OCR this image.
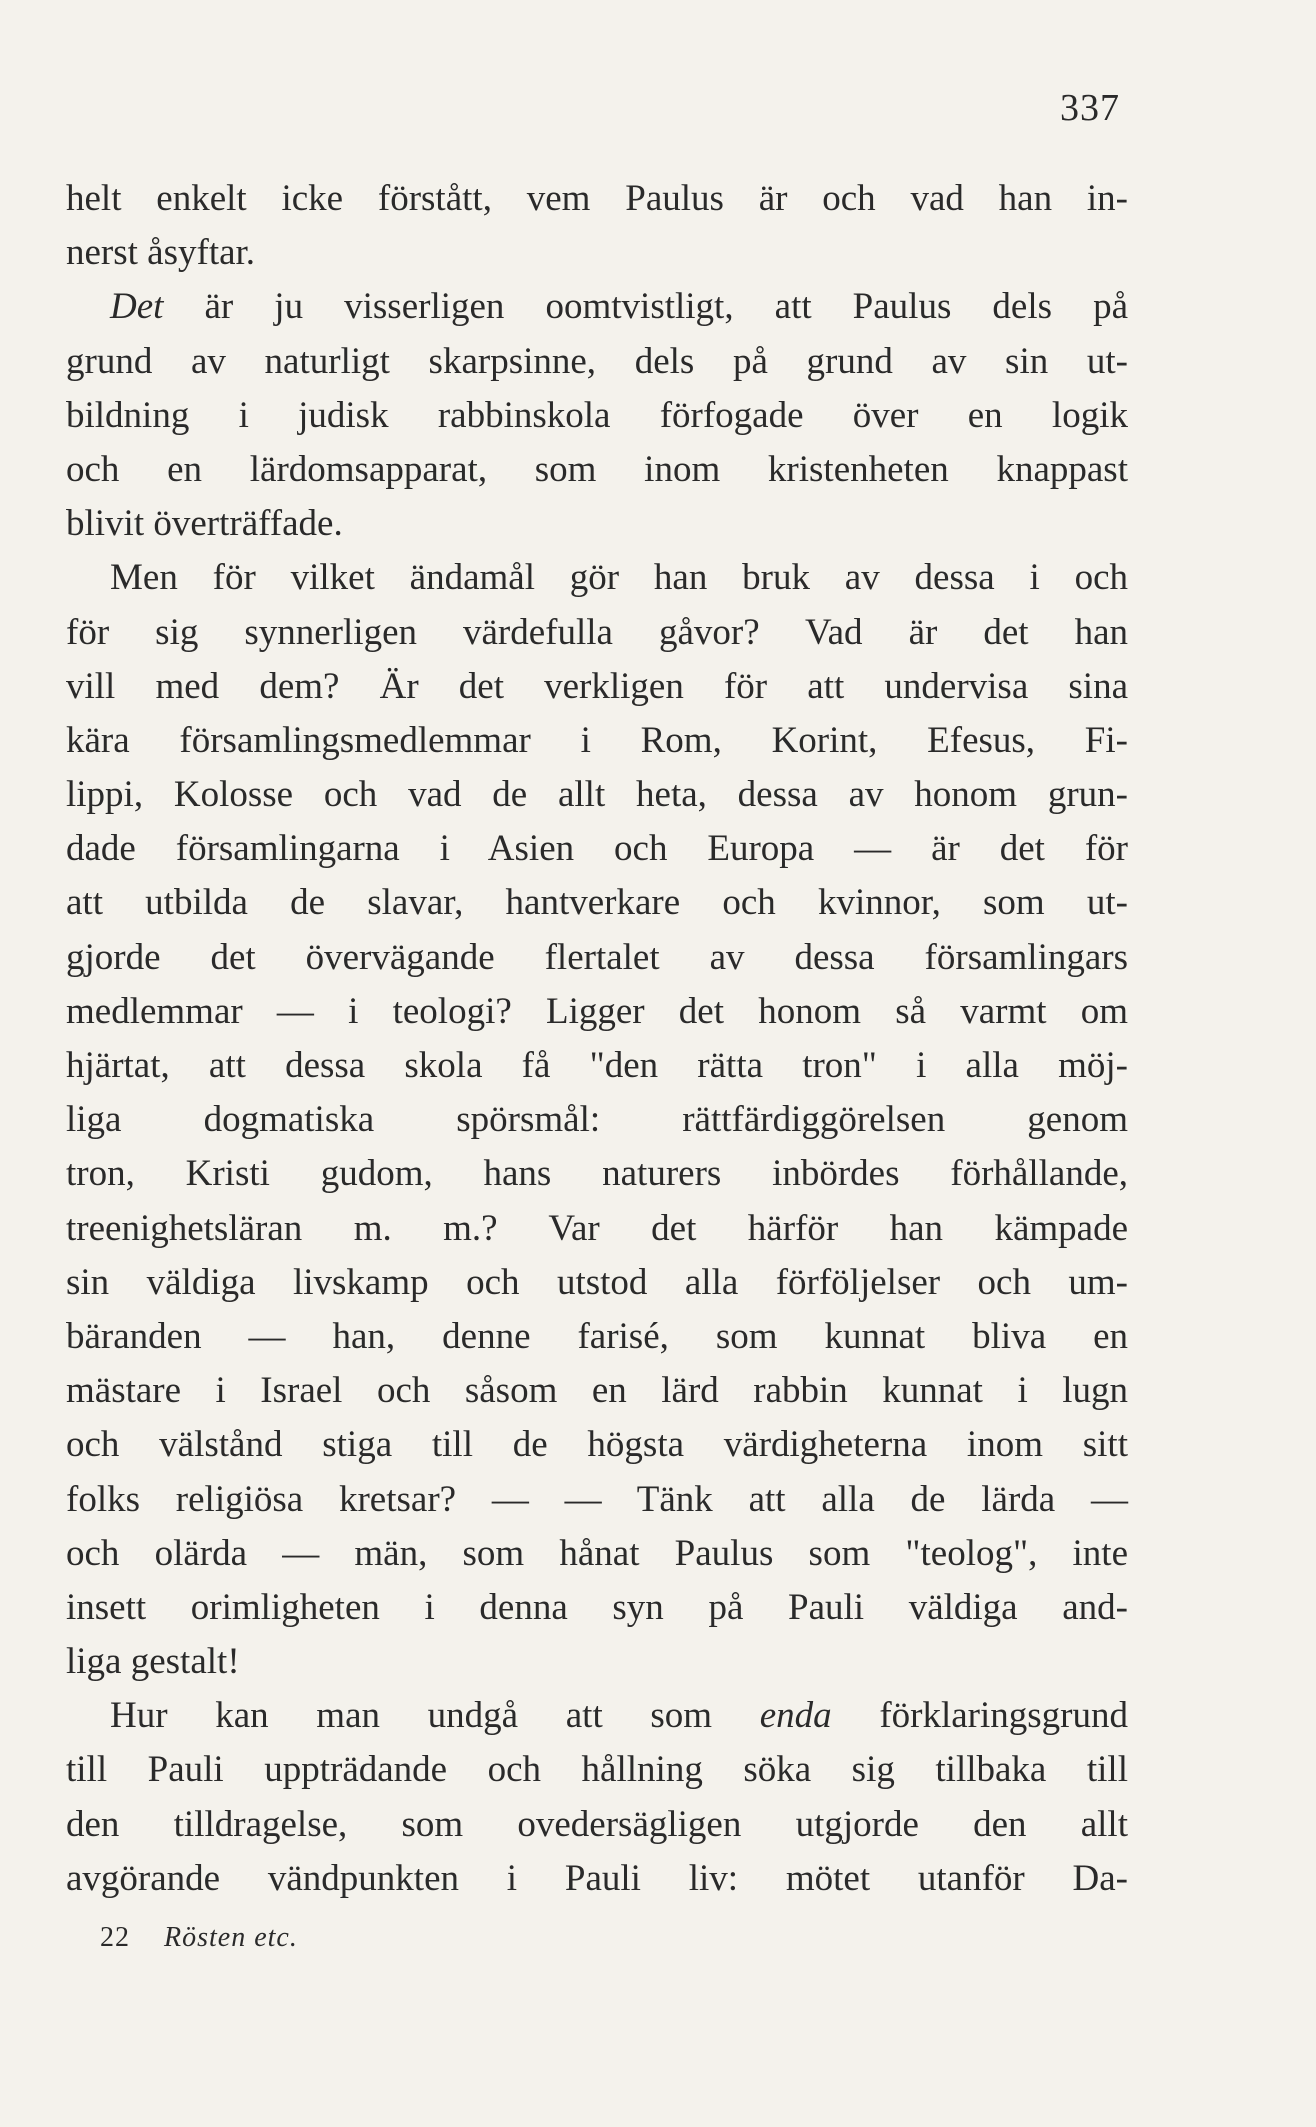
337
helt enkelt icke förstått, vem Paulus är och vad han in-
nerst åsyftar.
Det är ju visserligen oomtvistligt, att Paulus dels på
grund av naturligt skarpsinne, dels på grund av sin ut-
bildning i judisk rabbinskola förfogade över en logik
och en lärdomsapparat, som inom kristenheten knappast
blivit överträffade.
Men för vilket ändamål gör han bruk av dessa i och
för sig synnerligen värdefulla gåvor? Vad är det han
vill med dem? Är det verkligen för att undervisa sina
kära församlingsmedlemmar i Rom, Korint, Efesus, Fi-
lippi, Kolosse och vad de allt heta, dessa av honom grun-
dade församlingarna i Asien och Europa — är det för
att utbilda de slavar, hantverkare och kvinnor, som ut-
gjorde det övervägande flertalet av dessa församlingars
medlemmar — i teologi? Ligger det honom så varmt om
hjärtat, att dessa skola få "den rätta tron" i alla möj-
liga dogmatiska spörsmål: rättfärdiggörelsen genom
tron, Kristi gudom, hans naturers inbördes förhållande,
treenighetsläran m. m.? Var det härför han kämpade
sin väldiga livskamp och utstod alla förföljelser och um-
bäranden — han, denne farisé, som kunnat bliva en
mästare i Israel och såsom en lärd rabbin kunnat i lugn
och välstånd stiga till de högsta värdigheterna inom sitt
folks religiösa kretsar? — — Tänk att alla de lärda —
och olärda — män, som hånat Paulus som "teolog", inte
insett orimligheten i denna syn på Pauli väldiga and-
liga gestalt!
Hur kan man undgå att som enda förklaringsgrund
till Pauli uppträdande och hållning söka sig tillbaka till
den tilldragelse, som ovedersägligen utgjorde den allt
avgörande vändpunkten i Pauli liv: mötet utanför Da-
22 Rösten etc.
